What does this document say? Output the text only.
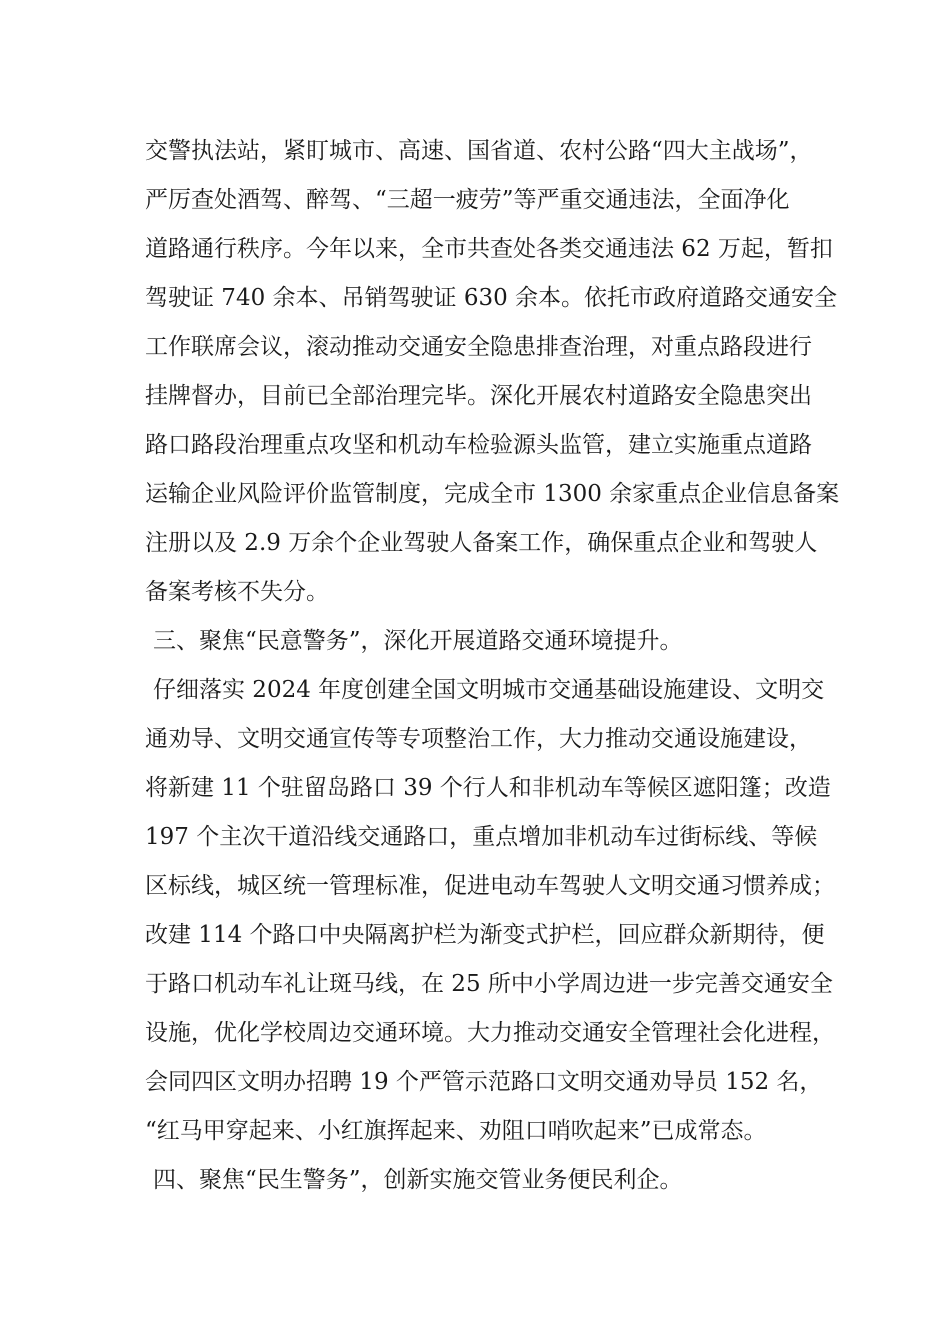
交警执法站，紧盯城市、高速、国省道、农村公路“四大主战场”，
严厉查处酒驾、醉驾、“三超一疲劳”等严重交通违法，全面净化
道路通行秩序。今年以来，全市共查处各类交通违法 62 万起，暂扣
驾驶证 740 余本、吊销驾驶证 630 余本。依托市政府道路交通安全
工作联席会议，滚动推动交通安全隐患排查治理，对重点路段进行
挂牌督办，目前已全部治理完毕。深化开展农村道路安全隐患突出
路口路段治理重点攻坚和机动车检验源头监管，建立实施重点道路
运输企业风险评价监管制度，完成全市 1300 余家重点企业信息备案
注册以及 2.9 万余个企业驾驶人备案工作，确保重点企业和驾驶人
备案考核不失分。
三、聚焦“民意警务”，深化开展道路交通环境提升。
仔细落实 2024 年度创建全国文明城市交通基础设施建设、文明交
通劝导、文明交通宣传等专项整治工作，大力推动交通设施建设，
将新建 11 个驻留岛路口 39 个行人和非机动车等候区遮阳篷；改造
197 个主次干道沿线交通路口，重点增加非机动车过街标线、等候
区标线，城区统一管理标准，促进电动车驾驶人文明交通习惯养成；
改建 114 个路口中央隔离护栏为渐变式护栏，回应群众新期待，便
于路口机动车礼让斑马线，在 25 所中小学周边进一步完善交通安全
设施，优化学校周边交通环境。大力推动交通安全管理社会化进程，
会同四区文明办招聘 19 个严管示范路口文明交通劝导员 152 名，
“红马甲穿起来、小红旗挥起来、劝阻口哨吹起来”已成常态。
四、聚焦“民生警务”，创新实施交管业务便民利企。
